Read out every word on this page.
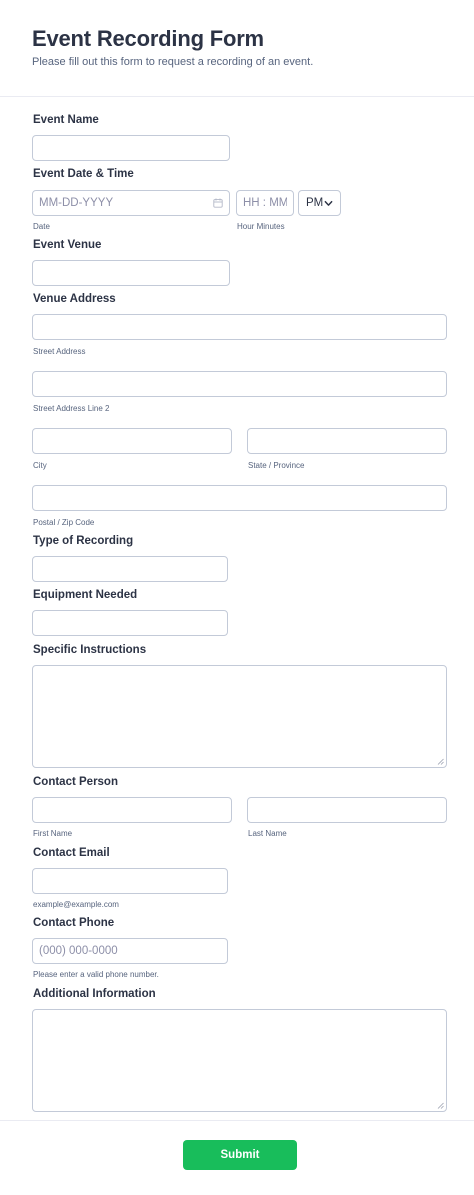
Event Recording Form
Please fill out this form to request a recording of an event.
Event Name
Event Date & Time
MM-DD-YYYY
Date
HH : MM	Hour Minutes
PM
Event Venue
Venue Address
Street Address
Street Address Line 2
City	State / Province
Postal / Zip Code
Type of Recording
Equipment Needed
Specific Instructions
Contact Person
First Name	Last Name
Contact Email
example@example.com
Contact Phone
(000) 000-0000
Please enter a valid phone number.
Additional Information
Submit
